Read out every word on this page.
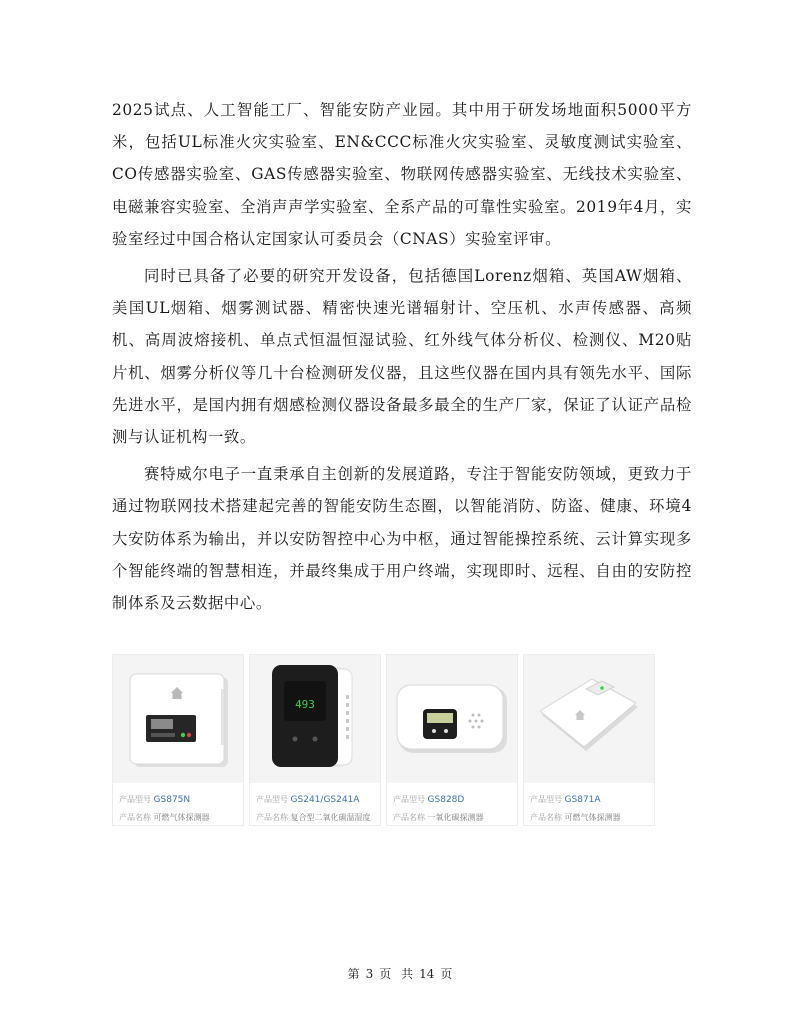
2025试点、人工智能工厂、智能安防产业园。其中用于研发场地面积5000平方米，包括UL标准火灾实验室、EN&CCC标准火灾实验室、灵敏度测试实验室、CO传感器实验室、GAS传感器实验室、物联网传感器实验室、无线技术实验室、电磁兼容实验室、全消声声学实验室、全系产品的可靠性实验室。2019年4月，实验室经过中国合格认定国家认可委员会（CNAS）实验室评审。

同时已具备了必要的研究开发设备，包括德国Lorenz烟箱、英国AW烟箱、美国UL烟箱、烟雾测试器、精密快速光谱辐射计、空压机、水声传感器、高频机、高周波熔接机、单点式恒温恒湿试验、红外线气体分析仪、检测仪、M20贴片机、烟雾分析仪等几十台检测研发仪器，且这些仪器在国内具有领先水平、国际先进水平，是国内拥有烟感检测仪器设备最多最全的生产厂家，保证了认证产品检测与认证机构一致。

赛特威尔电子一直秉承自主创新的发展道路，专注于智能安防领域，更致力于通过物联网技术搭建起完善的智能安防生态圈，以智能消防、防盗、健康、环境4大安防体系为输出，并以安防智控中心为中枢，通过智能操控系统、云计算实现多个智能终端的智慧相连，并最终集成于用户终端，实现即时、远程、自由的安防控制体系及云数据中心。

产品型号 GS875N
产品名称 可燃气体探测器
493
产品型号 GS241/GS241A
产品名称 复合型二氧化碳温湿度
产品型号 GS828D
产品名称 一氧化碳探测器
产品型号 GS871A
产品名称 可燃气体探测器
第 3 页 共 14 页
